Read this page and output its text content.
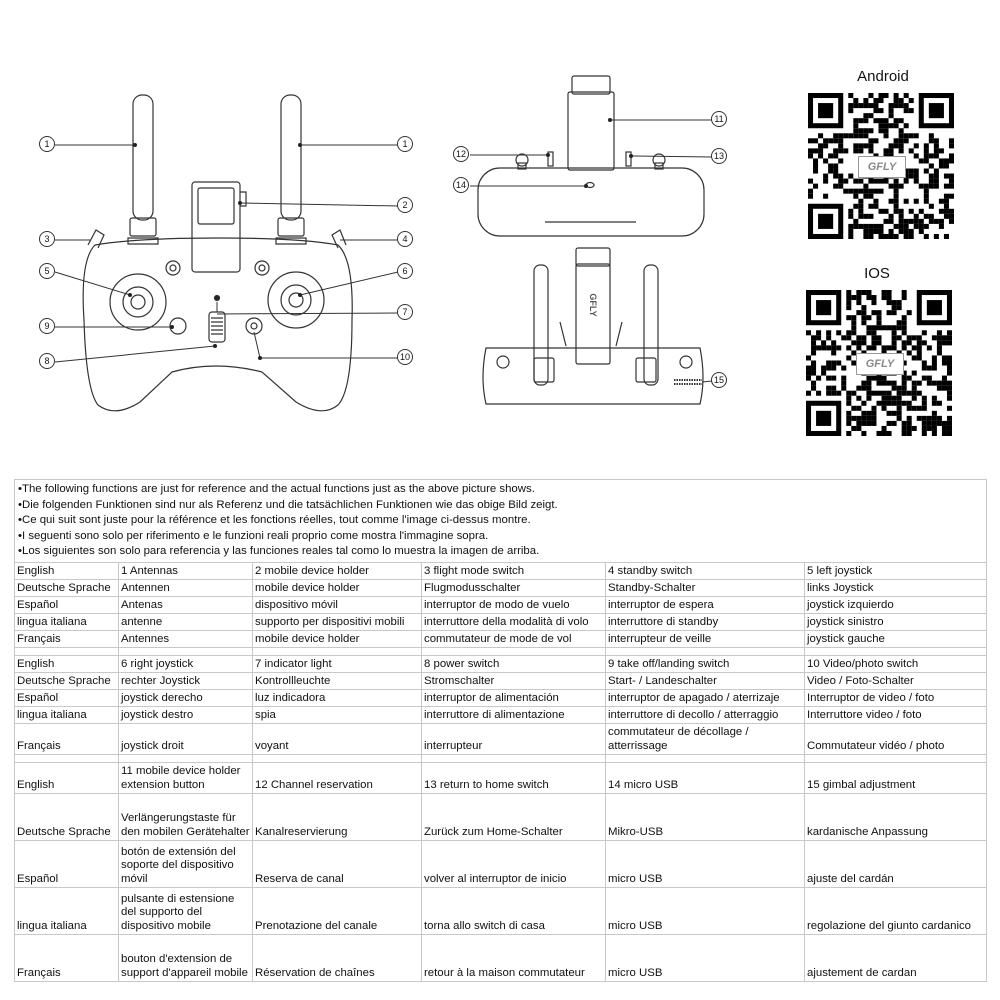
1	1
2
3	4
5	6
7
8
9
10
11
12	13
14
15
GFLY
Android
GFLY
IOS
GFLY
•The following functions are just for reference and the actual functions just as the above picture shows.
•Die folgenden Funktionen sind nur als Referenz und die tatsächlichen Funktionen wie das obige Bild zeigt.
•Ce qui suit sont juste pour la référence et les fonctions réelles, tout comme l'image ci-dessus montre.
•I seguenti sono solo per riferimento e le funzioni reali proprio come mostra l'immagine sopra.
•Los siguientes son solo para referencia y las funciones reales tal como lo muestra la imagen de arriba.					

English	1 Antennas	2 mobile device holder	3 flight mode switch	4 standby switch	5 left joystick
Deutsche Sprache	Antennen	mobile device holder	Flugmodusschalter	Standby-Schalter	links Joystick
Español	Antenas	dispositivo móvil	interruptor de modo de vuelo	interruptor de espera	joystick izquierdo
lingua italiana	antenne	supporto per dispositivi mobili	interruttore della modalità di volo	interruttore di standby	joystick sinistro
Français	Antennes	mobile device holder	commutateur de mode de vol	interrupteur de veille	joystick gauche

English	6 right joystick	7 indicator light	8 power switch	9 take off/landing switch	10 Video/photo switch
Deutsche Sprache	rechter Joystick	Kontrollleuchte	Stromschalter	Start- / Landeschalter	Video / Foto-Schalter
Español	joystick derecho	luz indicadora	interruptor de alimentación	interruptor de apagado / aterrizaje	Interruptor de video / foto
lingua italiana	joystick destro	spia	interruttore di alimentazione	interruttore di decollo / atterraggio	Interruttore video / foto
Français	joystick droit	voyant	interrupteur	commutateur de décollage / atterrissage	Commutateur vidéo / photo

English	11 mobile device holder extension button	12 Channel reservation	13 return to home switch	14 micro USB	15 gimbal adjustment
Deutsche Sprache	Verlängerungstaste für den mobilen Gerätehalter	Kanalreservierung	Zurück zum Home-Schalter	Mikro-USB	kardanische Anpassung
Español	botón de extensión del soporte del dispositivo móvil	Reserva de canal	volver al interruptor de inicio	micro USB	ajuste del cardán
lingua italiana	pulsante di estensione del supporto del dispositivo mobile	Prenotazione del canale	torna allo switch di casa	micro USB	regolazione del giunto cardanico
Français	bouton d'extension de support d'appareil mobile	Réservation de chaînes	retour à la maison commutateur	micro USB	ajustement de cardan
